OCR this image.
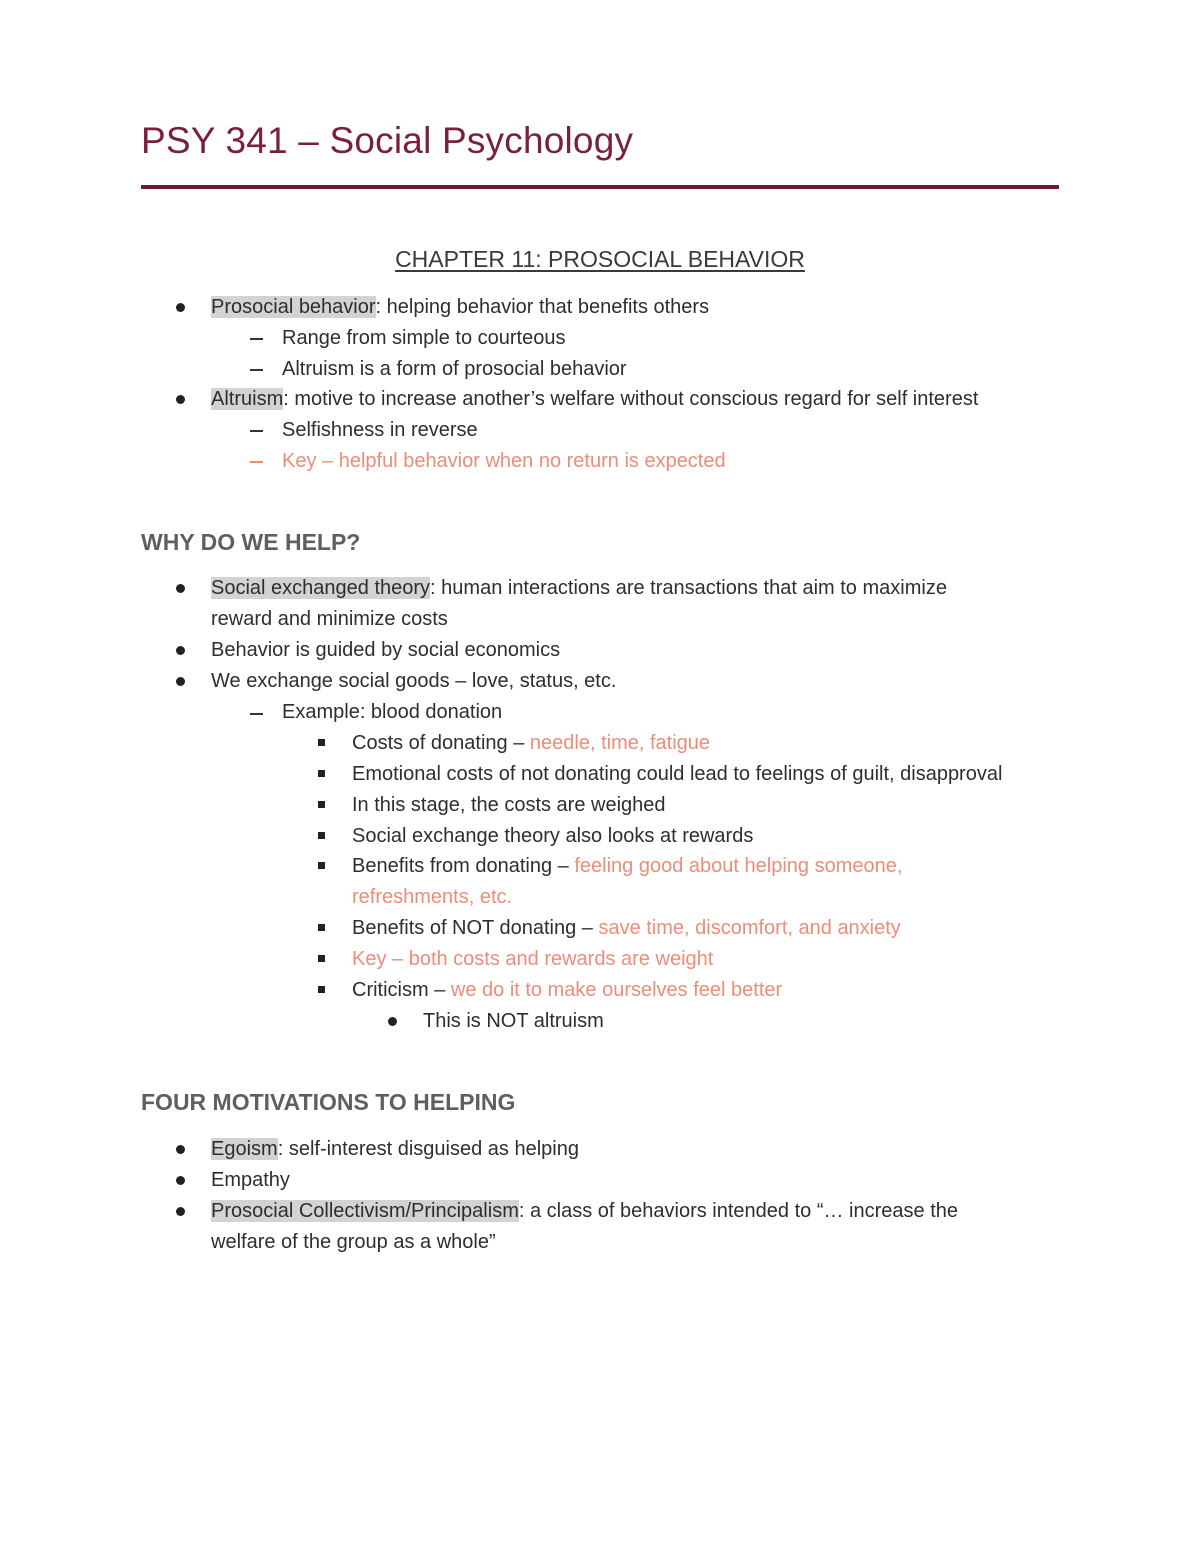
PSY 341 – Social Psychology
CHAPTER 11: PROSOCIAL BEHAVIOR
Prosocial behavior: helping behavior that benefits others
Range from simple to courteous
Altruism is a form of prosocial behavior
Altruism: motive to increase another’s welfare without conscious regard for self interest
Selfishness in reverse
Key – helpful behavior when no return is expected
WHY DO WE HELP?
Social exchanged theory: human interactions are transactions that aim to maximize
reward and minimize costs
Behavior is guided by social economics
We exchange social goods – love, status, etc.
Example: blood donation
Costs of donating – needle, time, fatigue
Emotional costs of not donating could lead to feelings of guilt, disapproval
In this stage, the costs are weighed
Social exchange theory also looks at rewards
Benefits from donating – feeling good about helping someone,
refreshments, etc.
Benefits of NOT donating – save time, discomfort, and anxiety
Key – both costs and rewards are weight
Criticism – we do it to make ourselves feel better
This is NOT altruism
FOUR MOTIVATIONS TO HELPING
Egoism: self-interest disguised as helping
Empathy
Prosocial Collectivism/Principalism: a class of behaviors intended to “… increase the
welfare of the group as a whole”
